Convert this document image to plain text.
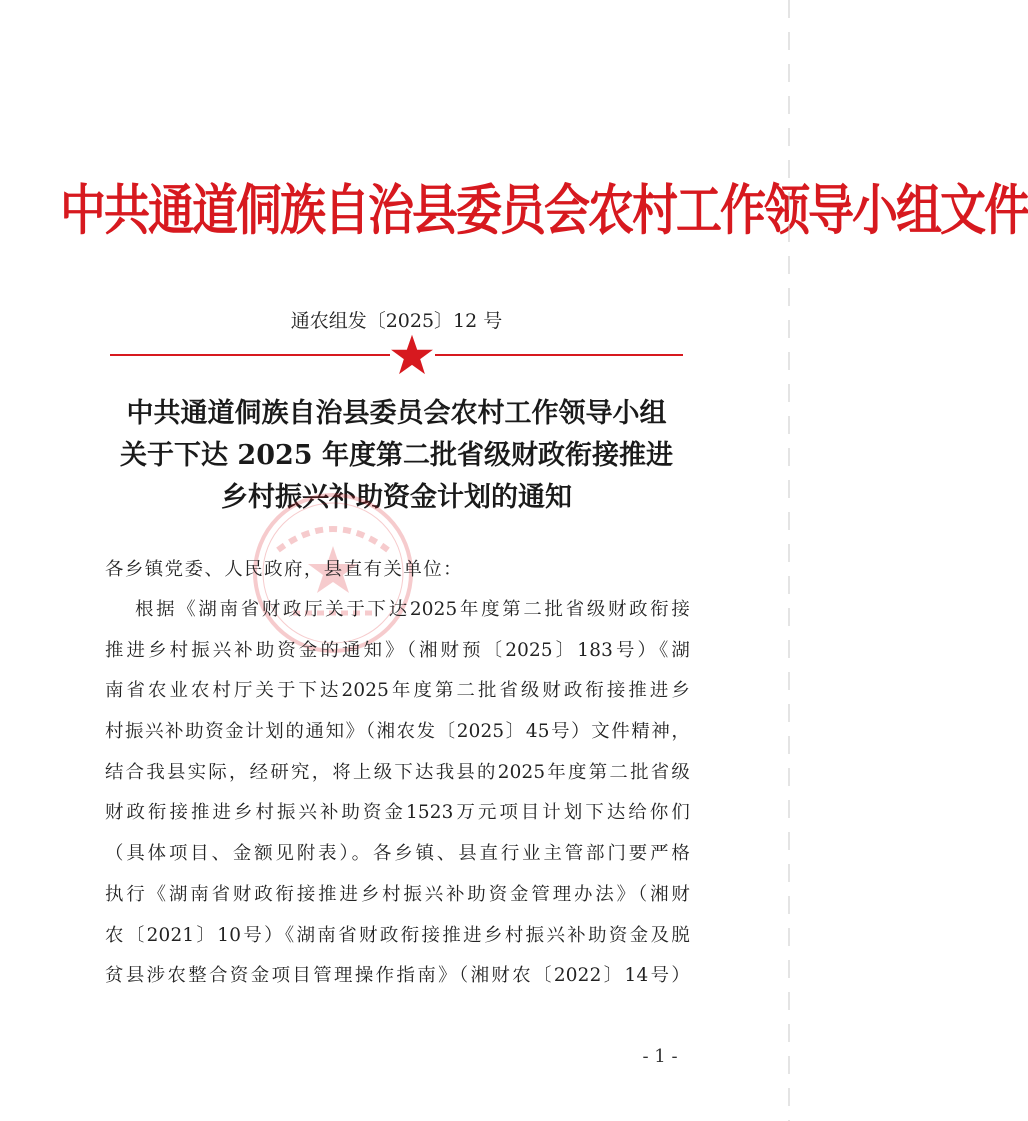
中共通道侗族自治县委员会农村工作领导小组文件
通农组发〔2025〕12 号
中共通道侗族自治县委员会农村工作领导小组
关于下达 2025 年度第二批省级财政衔接推进
乡村振兴补助资金计划的通知
各乡镇党委、人民政府，县直有关单位：
根据《湖南省财政厅关于下达2025年度第二批省级财政衔接
推进乡村振兴补助资金的通知》（湘财预〔2025〕183号）《湖
南省农业农村厅关于下达2025年度第二批省级财政衔接推进乡
村振兴补助资金计划的通知》（湘农发〔2025〕45号）文件精神，
结合我县实际，经研究，将上级下达我县的2025年度第二批省级
财政衔接推进乡村振兴补助资金1523万元项目计划下达给你们
（具体项目、金额见附表）。各乡镇、县直行业主管部门要严格
执行《湖南省财政衔接推进乡村振兴补助资金管理办法》（湘财
农〔2021〕10号）《湖南省财政衔接推进乡村振兴补助资金及脱
贫县涉农整合资金项目管理操作指南》（湘财农〔2022〕14号）
- 1 -
